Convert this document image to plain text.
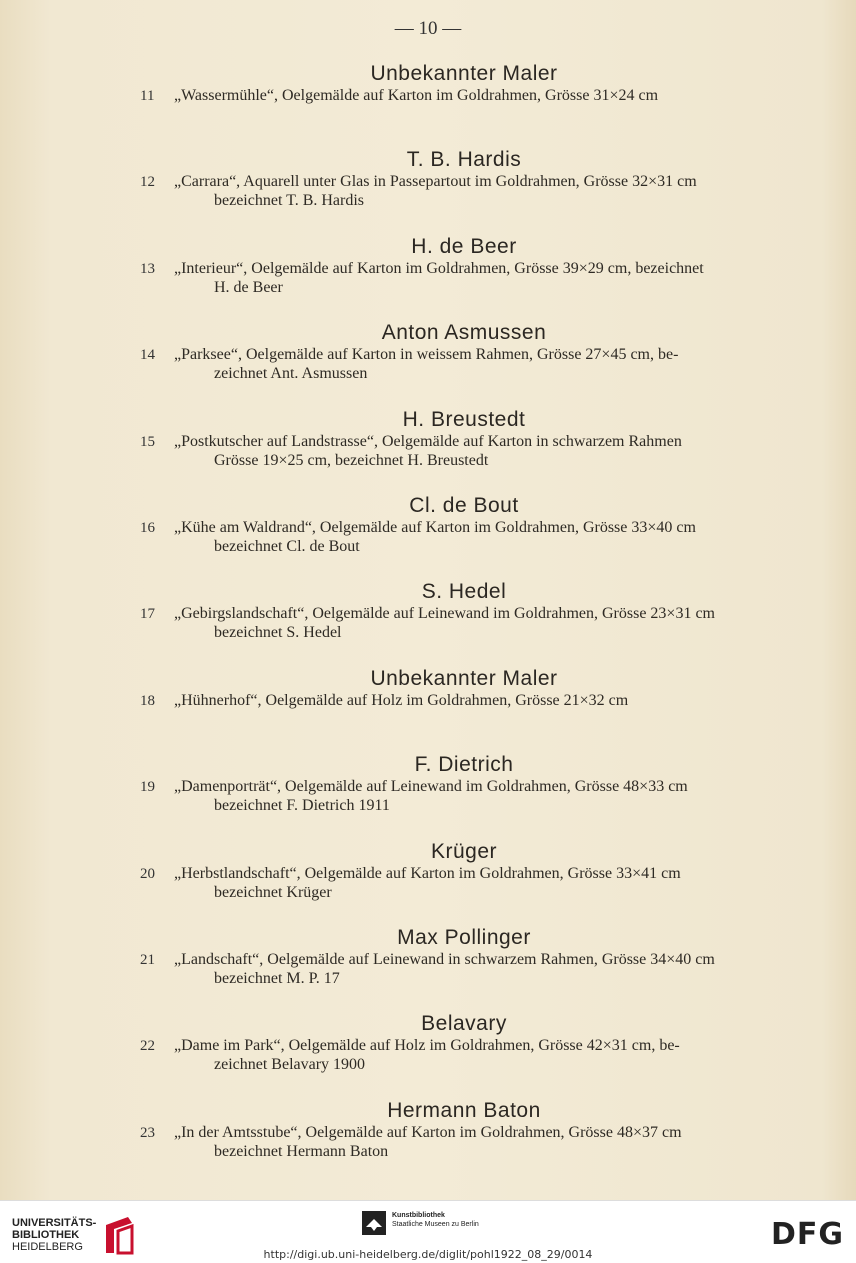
— 10 —
Unbekannter Maler
11	„Wassermühle“, Oelgemälde auf Karton im Goldrahmen, Grösse 31×24 cm
T. B. Hardis
12	„Carrara“, Aquarell unter Glas in Passepartout im Goldrahmen, Grösse 32×31 cm
bezeichnet T. B. Hardis
H. de Beer
13	„Interieur“, Oelgemälde auf Karton im Goldrahmen, Grösse 39×29 cm, bezeichnet
H. de Beer
Anton Asmussen
14	„Parksee“, Oelgemälde auf Karton in weissem Rahmen, Grösse 27×45 cm, be-
zeichnet Ant. Asmussen
H. Breustedt
15	„Postkutscher auf Landstrasse“, Oelgemälde auf Karton in schwarzem Rahmen
Grösse 19×25 cm, bezeichnet H. Breustedt
Cl. de Bout
16	„Kühe am Waldrand“, Oelgemälde auf Karton im Goldrahmen, Grösse 33×40 cm
bezeichnet Cl. de Bout
S. Hedel
17	„Gebirgslandschaft“, Oelgemälde auf Leinewand im Goldrahmen, Grösse 23×31 cm
bezeichnet S. Hedel
Unbekannter Maler
18	„Hühnerhof“, Oelgemälde auf Holz im Goldrahmen, Grösse 21×32 cm
F. Dietrich
19	„Damenporträt“, Oelgemälde auf Leinewand im Goldrahmen, Grösse 48×33 cm
bezeichnet F. Dietrich 1911
Krüger
20	„Herbstlandschaft“, Oelgemälde auf Karton im Goldrahmen, Grösse 33×41 cm
bezeichnet Krüger
Max Pollinger
21	„Landschaft“, Oelgemälde auf Leinewand in schwarzem Rahmen, Grösse 34×40 cm
bezeichnet M. P. 17
Belavary
22	„Dame im Park“, Oelgemälde auf Holz im Goldrahmen, Grösse 42×31 cm, be-
zeichnet Belavary 1900
Hermann Baton
23	„In der Amtsstube“, Oelgemälde auf Karton im Goldrahmen, Grösse 48×37 cm
bezeichnet Hermann Baton
UNIVERSITÄTS-
BIBLIOTHEK
HEIDELBERG
Kunstbibliothek
Staatliche Museen zu Berlin	DFG
http://digi.ub.uni-heidelberg.de/diglit/pohl1922_08_29/0014
